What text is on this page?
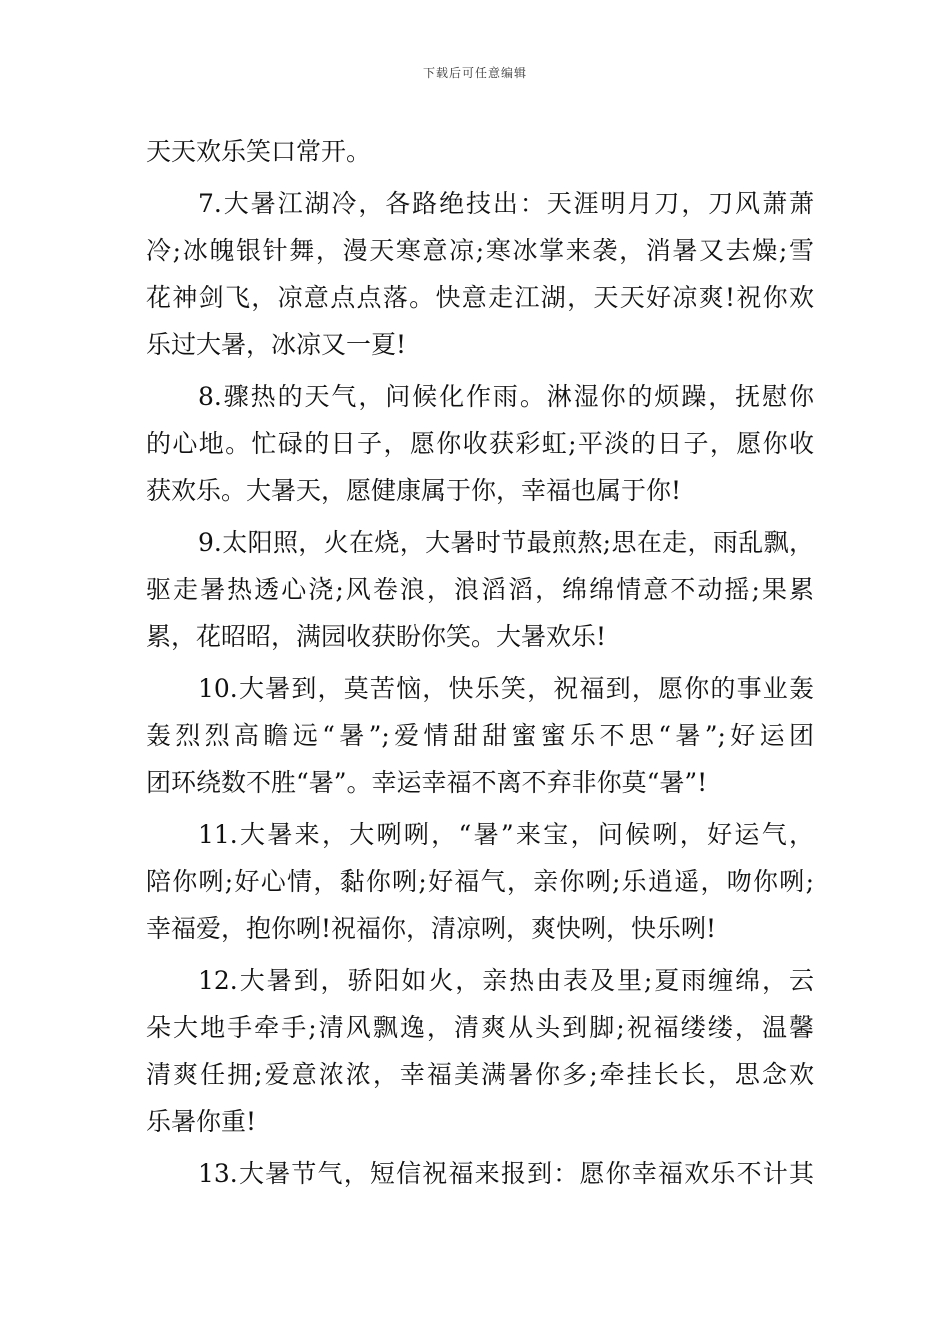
下载后可任意编辑
天天欢乐笑口常开。
7.大暑江湖冷，各路绝技出：天涯明月刀，刀风萧萧
冷;冰魄银针舞，漫天寒意凉;寒冰掌来袭，消暑又去燥;雪
花神剑飞，凉意点点落。快意走江湖，天天好凉爽!祝你欢
乐过大暑，冰凉又一夏!
8.骤热的天气，问候化作雨。淋湿你的烦躁，抚慰你
的心地。忙碌的日子，愿你收获彩虹;平淡的日子，愿你收
获欢乐。大暑天，愿健康属于你，幸福也属于你!
9.太阳照，火在烧，大暑时节最煎熬;思在走，雨乱飘，
驱走暑热透心浇;风卷浪，浪滔滔，绵绵情意不动摇;果累
累，花昭昭，满园收获盼你笑。大暑欢乐!
10.大暑到，莫苦恼，快乐笑，祝福到，愿你的事业轰
轰烈烈高瞻远“暑”;爱情甜甜蜜蜜乐不思“暑”;好运团
团环绕数不胜“暑”。幸运幸福不离不弃非你莫“暑”!
11.大暑来，大咧咧，“暑”来宝，问候咧，好运气，
陪你咧;好心情，黏你咧;好福气，亲你咧;乐逍遥，吻你咧;
幸福爱，抱你咧!祝福你，清凉咧，爽快咧，快乐咧!
12.大暑到，骄阳如火，亲热由表及里;夏雨缠绵，云
朵大地手牵手;清风飘逸，清爽从头到脚;祝福缕缕，温馨
清爽任拥;爱意浓浓，幸福美满暑你多;牵挂长长，思念欢
乐暑你重!
13.大暑节气，短信祝福来报到：愿你幸福欢乐不计其
